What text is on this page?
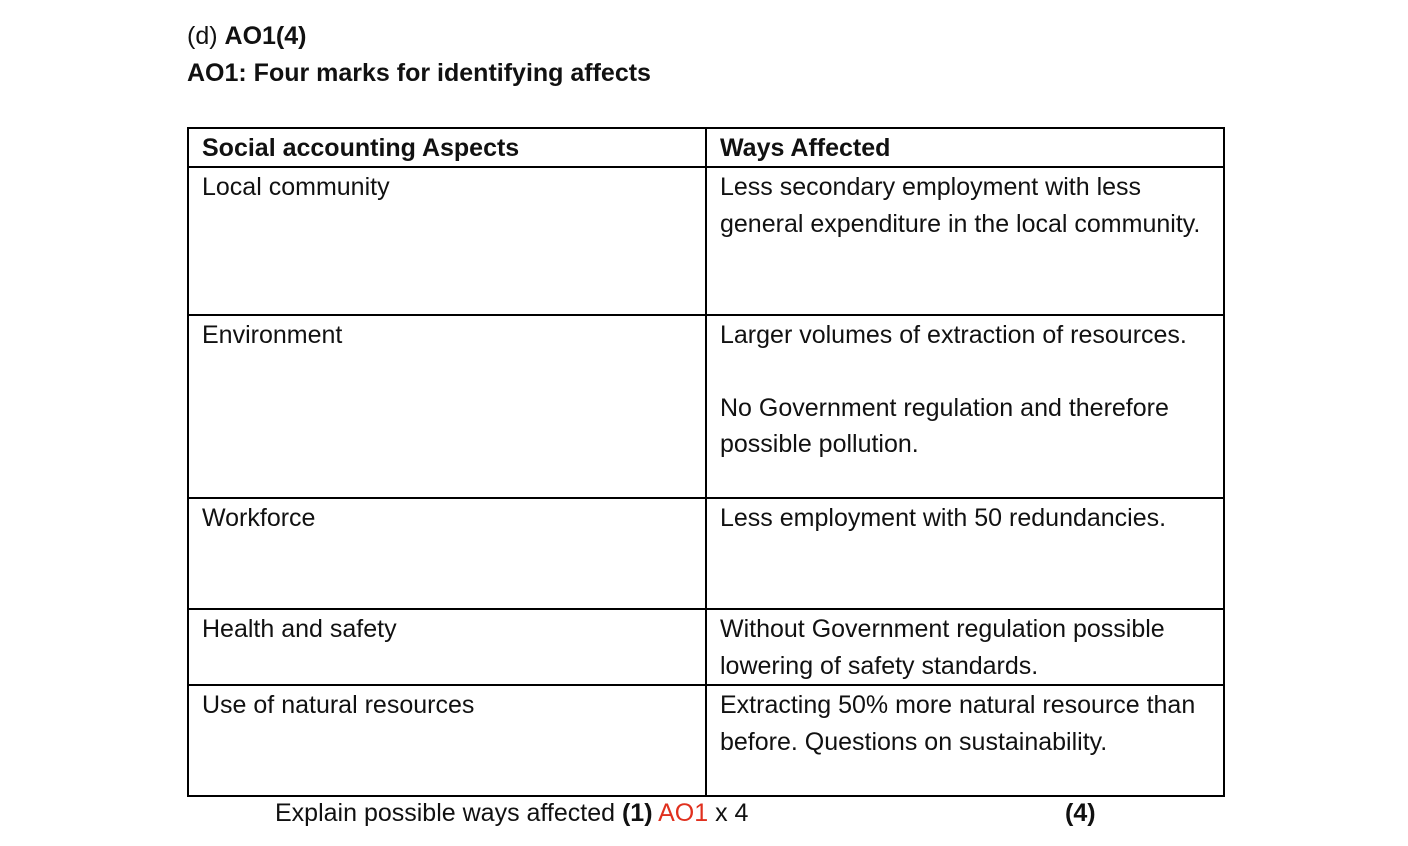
(d) AO1(4)
AO1: Four marks for identifying affects
Social accounting Aspects	Ways Affected
Local community	Less secondary employment with less general expenditure in the local community.

Environment	Larger volumes of extraction of resources.

No Government regulation and therefore possible pollution.

Workforce	Less employment with 50 redundancies.

Health and safety	Without Government regulation possible lowering of safety standards.

Use of natural resources	Extracting 50% more natural resource than before. Questions on sustainability.

Explain possible ways affected (1) AO1 x 4	(4)
